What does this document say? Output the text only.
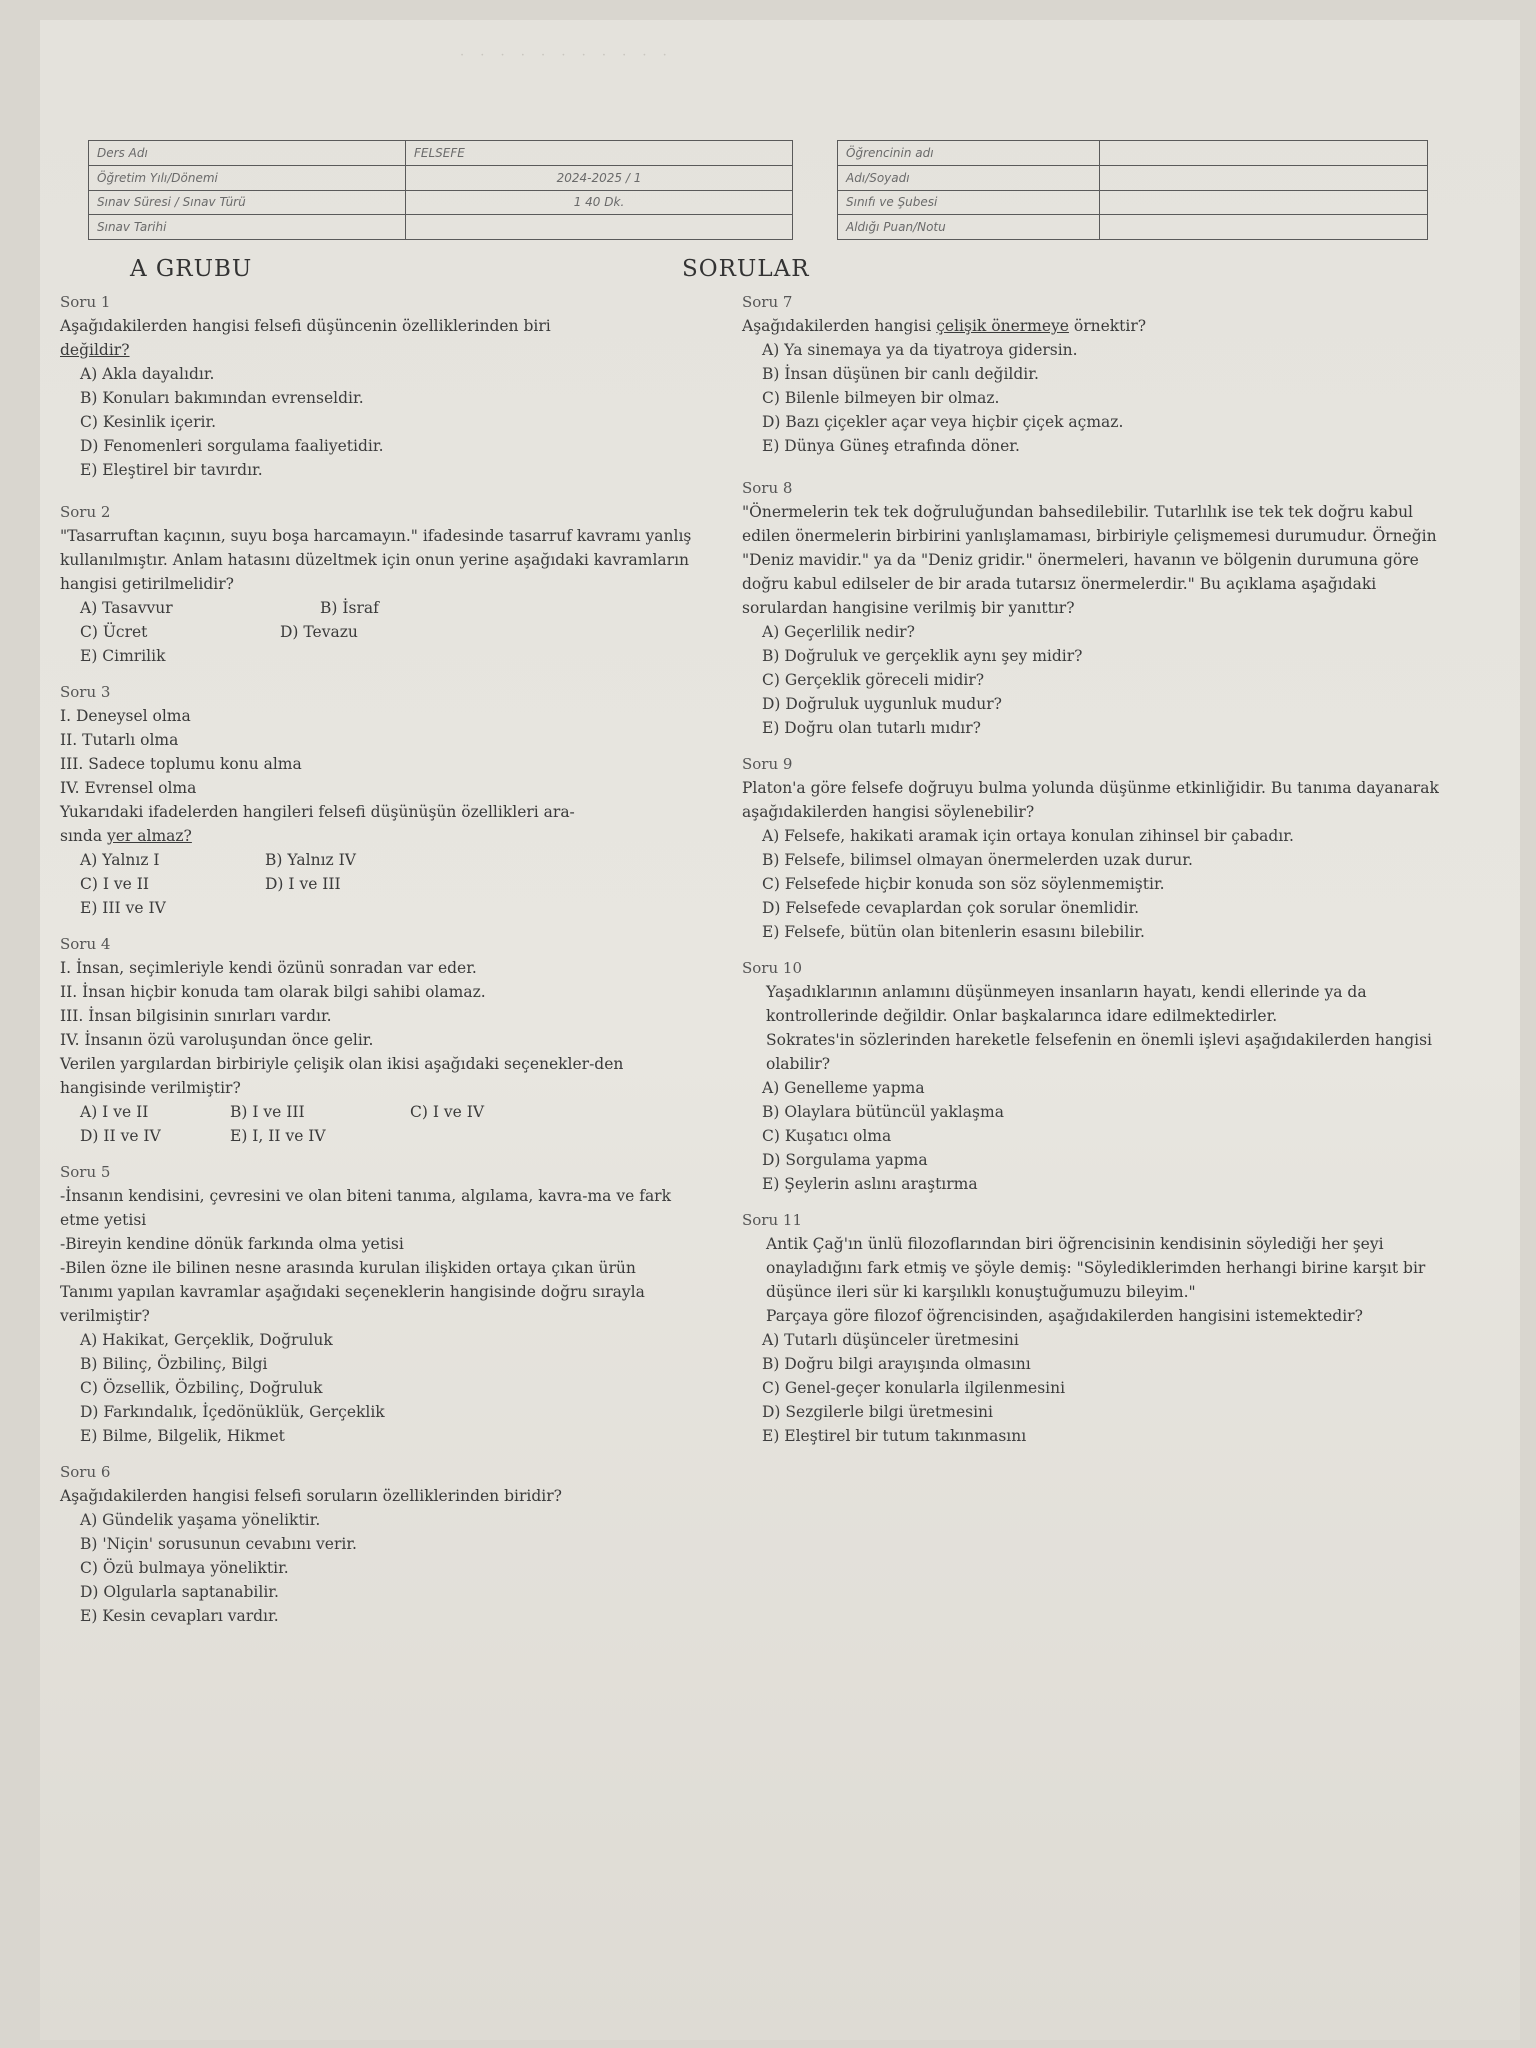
· · · · · · · · · · ·
Ders Adı	FELSEFE		Öğrencinin adı	
Öğretim Yılı/Dönemi	2024-2025 / 1		Adı/Soyadı	
Sınav Süresi / Sınav Türü	1 40 Dk.		Sınıfı ve Şubesi	
Sınav Tarihi			Aldığı Puan/Notu	
A GRUBU	SORULAR
Soru 1
Aşağıdakilerden hangisi felsefi düşüncenin özelliklerinden biri
değildir?
A) Akla dayalıdır.
B) Konuları bakımından evrenseldir.
C) Kesinlik içerir.
D) Fenomenleri sorgulama faaliyetidir.
E) Eleştirel bir tavırdır.
Soru 2
"Tasarruftan kaçının, suyu boşa harcamayın." ifadesinde tasarruf kavramı yanlış kullanılmıştır. Anlam hatasını düzeltmek için onun yerine aşağıdaki kavramların hangisi getirilmelidir?
A) Tasavvur	B) İsraf
C) Ücret	D) Tevazu
E) Cimrilik
Soru 3
I. Deneysel olma
II. Tutarlı olma
III. Sadece toplumu konu alma
IV. Evrensel olma
Yukarıdaki ifadelerden hangileri felsefi düşünüşün özellikleri ara-
sında yer almaz?
A) Yalnız I	B) Yalnız IV
C) I ve II	D) I ve III
E) III ve IV
Soru 4
I. İnsan, seçimleriyle kendi özünü sonradan var eder.
II. İnsan hiçbir konuda tam olarak bilgi sahibi olamaz.
III. İnsan bilgisinin sınırları vardır.
IV. İnsanın özü varoluşundan önce gelir.
Verilen yargılardan birbiriyle çelişik olan ikisi aşağıdaki seçenekler-den hangisinde verilmiştir?
A) I ve II	B) I ve III	C) I ve IV
D) II ve IV	E) I, II ve IV
Soru 5
-İnsanın kendisini, çevresini ve olan biteni tanıma, algılama, kavra-ma ve fark etme yetisi
-Bireyin kendine dönük farkında olma yetisi
-Bilen özne ile bilinen nesne arasında kurulan ilişkiden ortaya çıkan ürün
Tanımı yapılan kavramlar aşağıdaki seçeneklerin hangisinde doğru sırayla verilmiştir?
A) Hakikat, Gerçeklik, Doğruluk
B) Bilinç, Özbilinç, Bilgi
C) Özsellik, Özbilinç, Doğruluk
D) Farkındalık, İçedönüklük, Gerçeklik
E) Bilme, Bilgelik, Hikmet
Soru 6
Aşağıdakilerden hangisi felsefi soruların özelliklerinden biridir?
A) Gündelik yaşama yöneliktir.
B) 'Niçin' sorusunun cevabını verir.
C) Özü bulmaya yöneliktir.
D) Olgularla saptanabilir.
E) Kesin cevapları vardır.
Soru 7
Aşağıdakilerden hangisi çelişik önermeye örnektir?
A) Ya sinemaya ya da tiyatroya gidersin.
B) İnsan düşünen bir canlı değildir.
C) Bilenle bilmeyen bir olmaz.
D) Bazı çiçekler açar veya hiçbir çiçek açmaz.
E) Dünya Güneş etrafında döner.
Soru 8
"Önermelerin tek tek doğruluğundan bahsedilebilir. Tutarlılık ise tek tek doğru kabul edilen önermelerin birbirini yanlışlamaması, birbiriyle çelişmemesi durumudur. Örneğin "Deniz mavidir." ya da "Deniz gridir." önermeleri, havanın ve bölgenin durumuna göre doğru kabul edilseler de bir arada tutarsız önermelerdir." Bu açıklama aşağıdaki sorulardan hangisine verilmiş bir yanıttır?
A) Geçerlilik nedir?
B) Doğruluk ve gerçeklik aynı şey midir?
C) Gerçeklik göreceli midir?
D) Doğruluk uygunluk mudur?
E) Doğru olan tutarlı mıdır?
Soru 9
Platon'a göre felsefe doğruyu bulma yolunda düşünme etkinliğidir. Bu tanıma dayanarak aşağıdakilerden hangisi söylenebilir?
A) Felsefe, hakikati aramak için ortaya konulan zihinsel bir çabadır.
B) Felsefe, bilimsel olmayan önermelerden uzak durur.
C) Felsefede hiçbir konuda son söz söylenmemiştir.
D) Felsefede cevaplardan çok sorular önemlidir.
E) Felsefe, bütün olan bitenlerin esasını bilebilir.
Soru 10
Yaşadıklarının anlamını düşünmeyen insanların hayatı, kendi ellerinde ya da kontrollerinde değildir. Onlar başkalarınca idare edilmektedirler.
Sokrates'in sözlerinden hareketle felsefenin en önemli işlevi aşağıdakilerden hangisi olabilir?
A) Genelleme yapma
B) Olaylara bütüncül yaklaşma
C) Kuşatıcı olma
D) Sorgulama yapma
E) Şeylerin aslını araştırma
Soru 11
Antik Çağ'ın ünlü filozoflarından biri öğrencisinin kendisinin söylediği her şeyi onayladığını fark etmiş ve şöyle demiş: "Söylediklerimden herhangi birine karşıt bir düşünce ileri sür ki karşılıklı konuştuğumuzu bileyim."
Parçaya göre filozof öğrencisinden, aşağıdakilerden hangisini istemektedir?
A) Tutarlı düşünceler üretmesini
B) Doğru bilgi arayışında olmasını
C) Genel-geçer konularla ilgilenmesini
D) Sezgilerle bilgi üretmesini
E) Eleştirel bir tutum takınmasını
